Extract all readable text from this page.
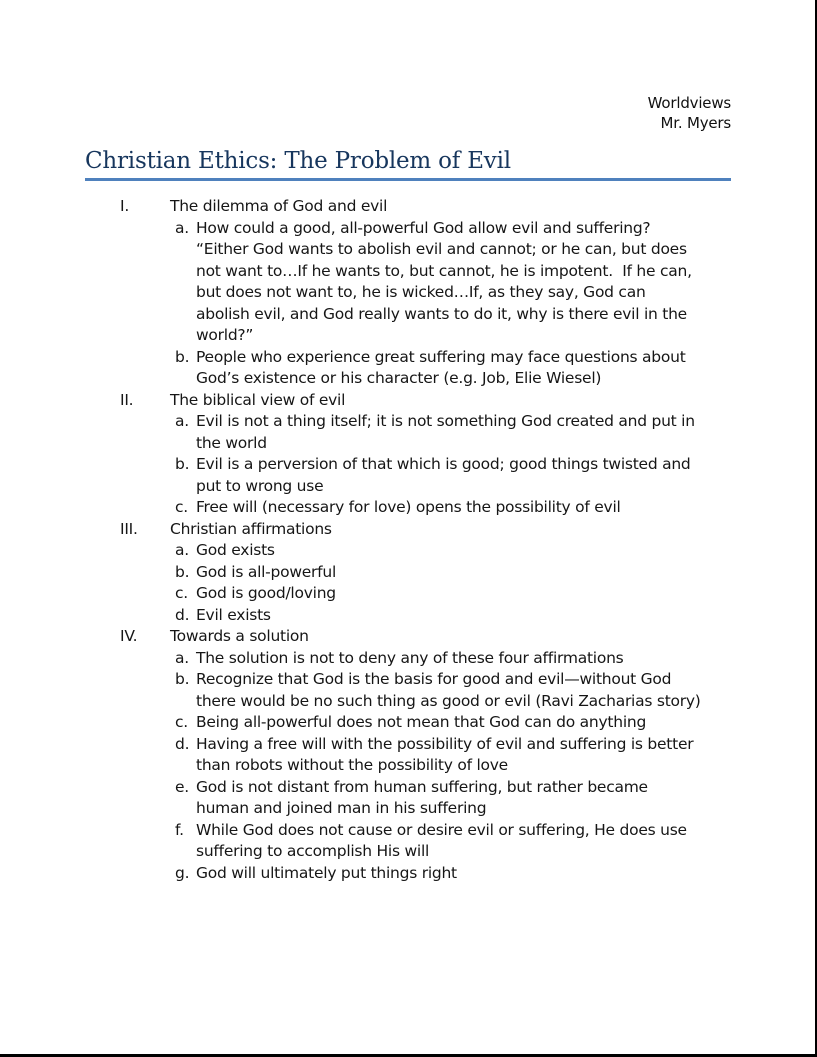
Worldviews
Mr. Myers
Christian Ethics: The Problem of Evil
I.	The dilemma of God and evil
a. How could a good, all-powerful God allow evil and suffering?
“Either God wants to abolish evil and cannot; or he can, but does
not want to…If he wants to, but cannot, he is impotent.  If he can,
but does not want to, he is wicked…If, as they say, God can
abolish evil, and God really wants to do it, why is there evil in the
world?”
b. People who experience great suffering may face questions about
God’s existence or his character (e.g. Job, Elie Wiesel)
II.	The biblical view of evil
a. Evil is not a thing itself; it is not something God created and put in
the world
b. Evil is a perversion of that which is good; good things twisted and
put to wrong use
c. Free will (necessary for love) opens the possibility of evil
III.	Christian affirmations
a. God exists
b. God is all-powerful
c. God is good/loving
d. Evil exists
IV.	Towards a solution
a. The solution is not to deny any of these four affirmations
b. Recognize that God is the basis for good and evil—without God
there would be no such thing as good or evil (Ravi Zacharias story)
c. Being all-powerful does not mean that God can do anything
d. Having a free will with the possibility of evil and suffering is better
than robots without the possibility of love
e. God is not distant from human suffering, but rather became
human and joined man in his suffering
f. While God does not cause or desire evil or suffering, He does use
suffering to accomplish His will
g. God will ultimately put things right
